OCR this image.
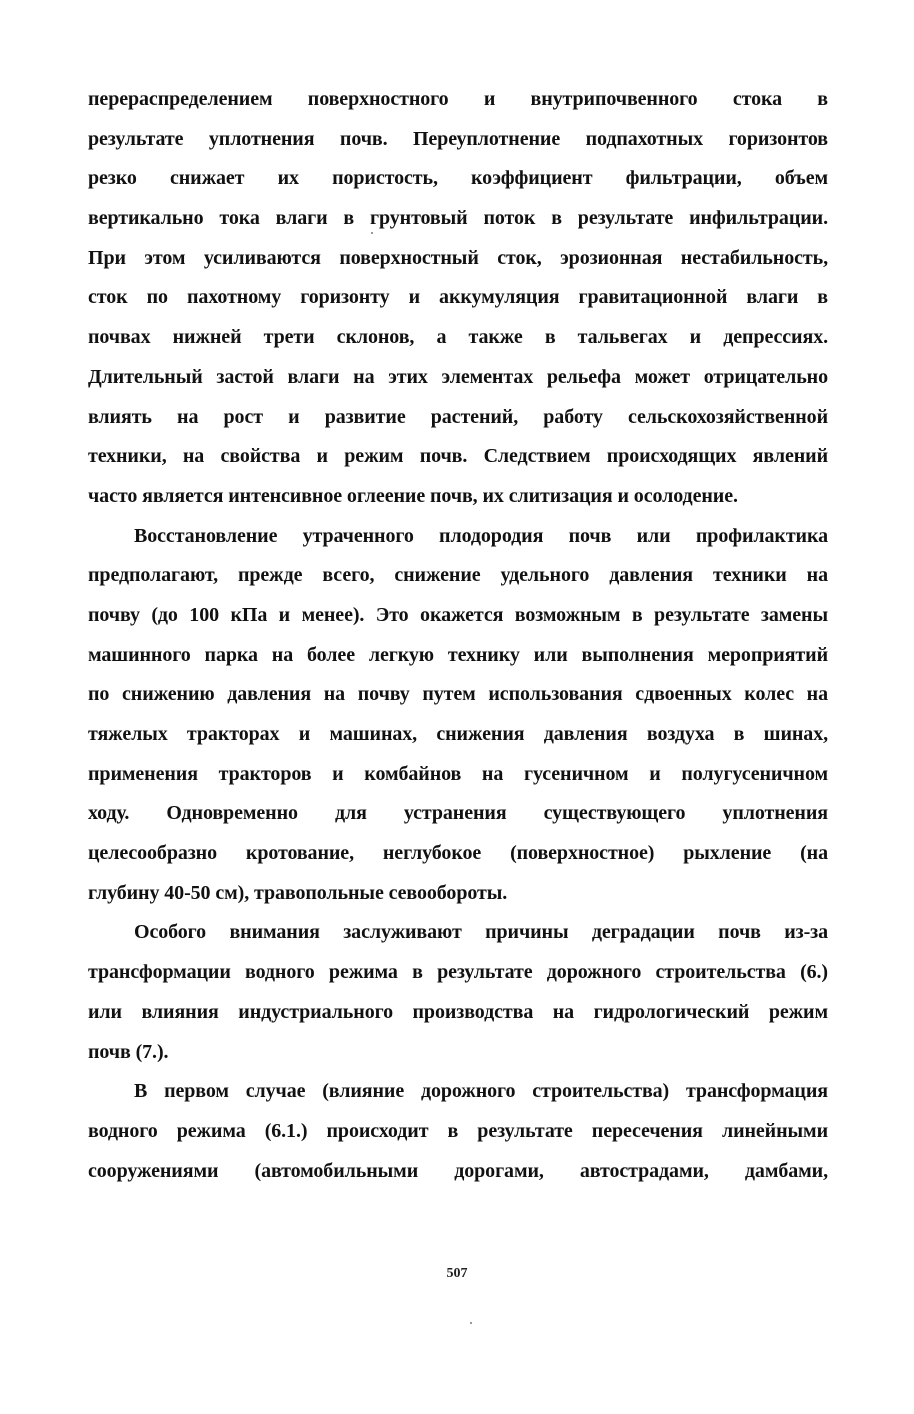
перераспределением поверхностного и внутрипочвенного стока в
результате уплотнения почв. Переуплотнение подпахотных горизонтов
резко снижает их пористость, коэффициент фильтрации, объем
вертикально тока влаги в грунтовый поток в результате инфильтрации.
При этом усиливаются поверхностный сток, эрозионная нестабильность,
сток по пахотному горизонту и аккумуляция гравитационной влаги в
почвах нижней трети склонов, а также в тальвегах и депрессиях.
Длительный застой влаги на этих элементах рельефа может отрицательно
влиять на рост и развитие растений, работу сельскохозяйственной
техники, на свойства и режим почв. Следствием происходящих явлений
часто является интенсивное оглеение почв, их слитизация и осолодение.
Восстановление утраченного плодородия почв или профилактика
предполагают, прежде всего, снижение удельного давления техники на
почву (до 100 кПа и менее). Это окажется возможным в результате замены
машинного парка на более легкую технику или выполнения мероприятий
по снижению давления на почву путем использования сдвоенных колес на
тяжелых тракторах и машинах, снижения давления воздуха в шинах,
применения тракторов и комбайнов на гусеничном и полугусеничном
ходу. Одновременно для устранения существующего уплотнения
целесообразно кротование, неглубокое (поверхностное) рыхление (на
глубину 40-50 см), травопольные севообороты.
Особого внимания заслуживают причины деградации почв из-за
трансформации водного режима в результате дорожного строительства (6.)
или влияния индустриального производства на гидрологический режим
почв (7.).
В первом случае (влияние дорожного строительства) трансформация
водного режима (6.1.) происходит в результате пересечения линейными
сооружениями (автомобильными дорогами, автострадами, дамбами,
507
